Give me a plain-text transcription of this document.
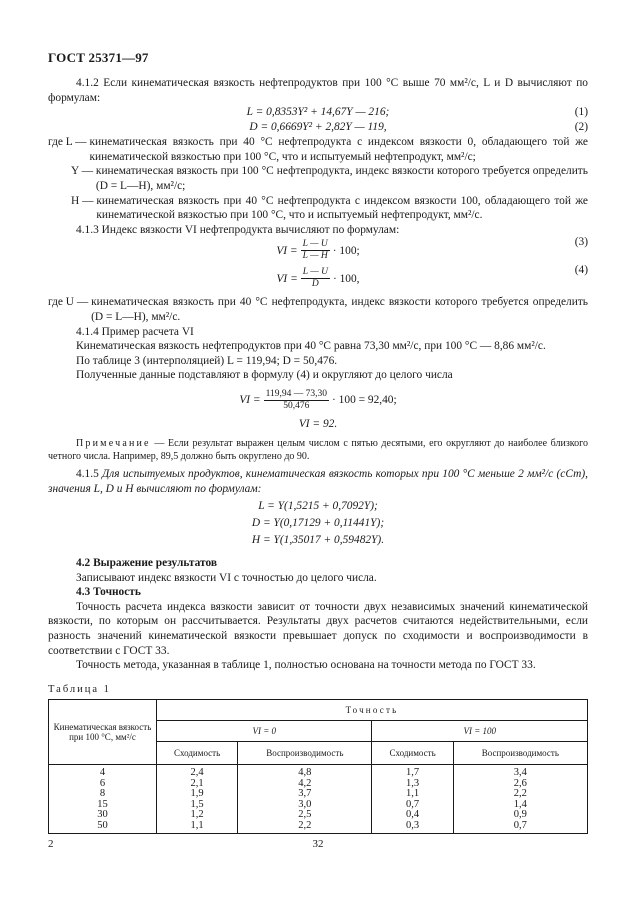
ГОСТ 25371—97

4.1.2 Если кинематическая вязкость нефтепродуктов при 100 °С выше 70 мм²/с, L и D вычисляют по формулам:

L = 0,8353Y² + 14,67Y — 216;	(1)
D = 0,6669Y² + 2,82Y — 119,	(2)
где L —
кинематическая вязкость при 40 °С нефтепродукта с индексом вязкости 0, обладающего той же кинематической вязкостью при 100 °С, что и испытуемый нефтепродукт, мм²/с;
Y —
кинематическая вязкость при 100 °С нефтепродукта, индекс вязкости которого требуется определить (D = L—H), мм²/с;
H —
кинематическая вязкость при 40 °С нефтепродукта с индексом вязкости 100, обладающего той же кинематической вязкостью при 100 °С, что и испытуемый нефтепродукт, мм²/с.

4.1.3 Индекс вязкости VI нефтепродукта вычисляют по формулам:

VI = $\frac{L — U}{L — H} \cdot 100$;
(3)
VI = $\frac{L — U}{D} \cdot 100$,
(4)
где U —
кинематическая вязкость при 40 °С нефтепродукта, индекс вязкости которого требуется определить (D = L—H), мм²/с.

4.1.4 Пример расчета VI

Кинематическая вязкость нефтепродуктов при 40 °С равна 73,30 мм²/с, при 100 °С — 8,86 мм²/с.

По таблице 3 (интерполяцией) L = 119,94; D = 50,476.

Полученные данные подставляют в формулу (4) и округляют до целого числа

VI = $\frac{119,94 — 73,30}{50,476} \cdot 100 = 92,40$;
VI = 92.

Примечание — Если результат выражен целым числом с пятью десятыми, его округляют до наиболее близкого четного числа. Например, 89,5 должно быть округлено до 90.

4.1.5 Для испытуемых продуктов, кинематическая вязкость которых при 100 °С меньше 2 мм²/с (сСт), значения L, D и H вычисляют по формулам:

L = Y(1,5215 + 0,7092Y);
D = Y(0,17129 + 0,11441Y);
H = Y(1,35017 + 0,59482Y).

4.2 Выражение результатов

Записывают индекс вязкости VI с точностью до целого числа.

4.3 Точность

Точность расчета индекса вязкости зависит от точности двух независимых значений кинематической вязкости, по которым он рассчитывается. Результаты двух расчетов считаются недействительными, если разность значений кинематической вязкости превышает допуск по сходимости и воспроизводимости в соответствии с ГОСТ 33.

Точность метода, указанная в таблице 1, полностью основана на точности метода по ГОСТ 33.

Таблица 1
Кинематическая вязкость при 100 °С, мм²/с	Точность			
	VI = 0		VI = 100	
	Сходимость	Воспроизводимость	Сходимость	Воспроизводимость
4	2,4	4,8	1,7	3,4
6	2,1	4,2	1,3	2,6
8	1,9	3,7	1,1	2,2
15	1,5	3,0	0,7	1,4
30	1,2	2,5	0,4	0,9
50	1,1	2,2	0,3	0,7
2	32
